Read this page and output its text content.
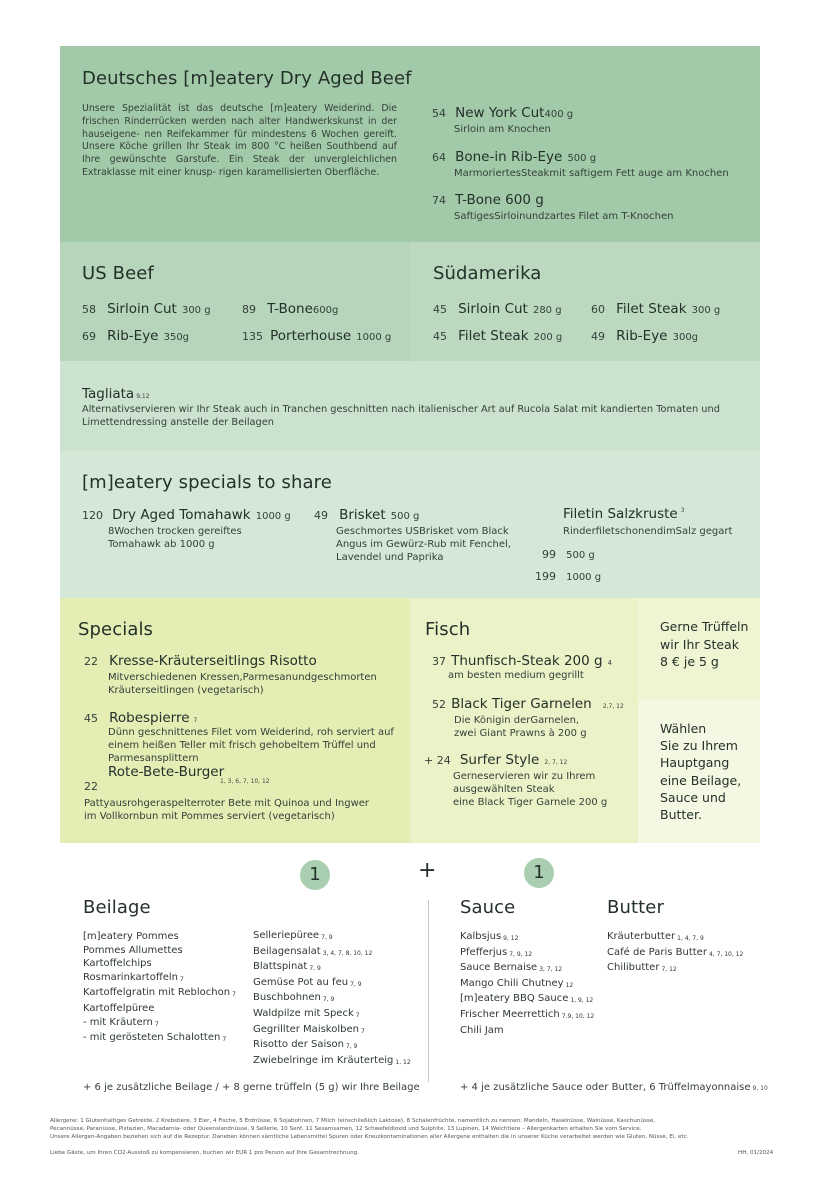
Deutsches [m]eatery Dry Aged Beef
Unsere Spezialität ist das deutsche [m]eatery Weiderind. Die frischen Rinderrücken werden nach alter Handwerkskunst in der hauseigene- nen Reifekammer für mindestens 6 Wochen gereift. Unsere Köche grillen Ihr Steak im 800 °C heißen Southbend auf Ihre gewünschte Garstufe. Ein Steak der unvergleichlichen Extraklasse mit einer knusp- rigen karamellisierten Oberfläche.
54 New York Cut400 g
Sirloin am Knochen
64 Bone-in Rib-Eye 500 g
MarmoriertesSteakmit saftigem Fett auge am Knochen
74 T-Bone 600 g
SaftigesSirloinundzartes Filet am T-Knochen
US Beef
58 Sirloin Cut 300 g	89 T-Bone600g
69 Rib-Eye 350g	135 Porterhouse 1000 g
Südamerika
45 Sirloin Cut 280 g	60 Filet Steak 300 g
45 Filet Steak 200 g	49 Rib-Eye 300g
Tagliata 9,12
Alternativservieren wir Ihr Steak auch in Tranchen geschnitten nach italienischer Art auf Rucola Salat mit kandierten Tomaten und Limettendressing anstelle der Beilagen
[m]eatery specials to share
120 Dry Aged Tomahawk 1000 g
8Wochen trocken gereiftes
Tomahawk ab 1000 g
49 Brisket 500 g
Geschmortes USBrisket vom Black
Angus im Gewürz-Rub mit Fenchel,
Lavendel und Paprika
Filetin Salzkruste $^3$
RinderfiletschonendimSalz gegart
99 500 g
199 1000 g
Specials
22 Kresse-Kräuterseitlings Risotto
Mitverschiedenen Kressen,Parmesanundgeschmorten
Kräuterseitlingen (vegetarisch)
45 Robespierre 7
Dünn geschnittenes Filet vom Weiderind, roh serviert auf
einem heißen Teller mit frisch gehobeltem Trüffel und
Parmesansplittern
Rote-Bete-Burger
22	1, 3, 6, 7, 10, 12
Pattyausrohgeraspelterroter Bete mit Quinoa und Ingwer
im Vollkornbun mit Pommes serviert (vegetarisch)
Fisch
37 Thunfisch-Steak 200 g 4
am besten medium gegrillt
52 Black Tiger Garnelen 2,7, 12
Die Königin derGarnelen,
zwei Giant Prawns à 200 g
+ 24 Surfer Style 2, 7, 12
Gerneservieren wir zu Ihrem
ausgewählten Steak
eine Black Tiger Garnele 200 g
Gerne Trüffeln
wir Ihr Steak
8 € je 5 g
Wählen
Sie zu Ihrem
Hauptgang
eine Beilage,
Sauce und
Butter.
1	+	1
Beilage
[m]eatery Pommes
Pommes Allumettes
Kartoffelchips
Rosmarinkartoffeln $_7$
Kartoffelgratin mit Reblochon $_7$
Kartoffelpüree
- mit Kräutern $_7$
- mit gerösteten Schalotten $_7$
Selleriepüree $_{7, 9}$
Beilagensalat $_{3, 4, 7, 8, 10, 12}$
Blattspinat $_{7, 9}$
Gemüse Pot au feu $_{7, 9}$
Buschbohnen $_{7, 9}$
Waldpilze mit Speck $_7$
Gegrillter Maiskolben $_7$
Risotto der Saison $_{7, 9}$
Zwiebelringe im Kräuterteig $_{1, 12}$
+ 6 je zusätzliche Beilage / + 8 gerne trüffeln (5 g) wir Ihre Beilage
Sauce
Kalbsjus $_{9, 12}$
Pfefferjus $_{7, 9, 12}$
Sauce Bernaise $_{3, 7, 12}$
Mango Chili Chutney $_{12}$
[m]eatery BBQ Sauce $_{1, 9, 12}$
Frischer Meerrettich $_{7.9, 10, 12}$
Chili Jam
+ 4 je zusätzliche Sauce oder Butter, 6 Trüffelmayonnaise 9, 10
Butter
Kräuterbutter $_{1, 4, 7, 9}$
Café de Paris Butter $_{4, 7, 10, 12}$
Chilibutter $_{7, 12}$
Allergene: 1 Glutenhaltiges Getreide, 2 Krebstiere, 3 Eier, 4 Fische, 5 Erdnüsse, 6 Sojabohnen, 7 Milch (einschließlich Laktose), 8 Schalenfrüchte, namentlich zu nennen: Mandeln, Haselnüsse, Walnüsse, Kaschunüsse,
Pecannüsse, Paranüsse, Pistazien, Macadamia- oder Queenslandnüsse, 9 Sellerie, 10 Senf, 11 Sesamsamen, 12 Schwefeldioxid und Sulphite, 13 Lupinen, 14 Weichtiere – Allergenkarten erhalten Sie vom Service.
Unsere Allergen-Angaben beziehen sich auf die Rezeptur. Daneben können sämtliche Lebensmittel Spuren oder Kreuzkontaminationen aller Allergene enthalten die in unserer Küche verarbeitet werden wie Gluten, Nüsse, Ei, etc.
Liebe Gäste, um Ihren CO2-Ausstoß zu kompensieren, buchen wir EUR 1 pro Person auf Ihre Gesamtrechnung.	HH, 01/2024
